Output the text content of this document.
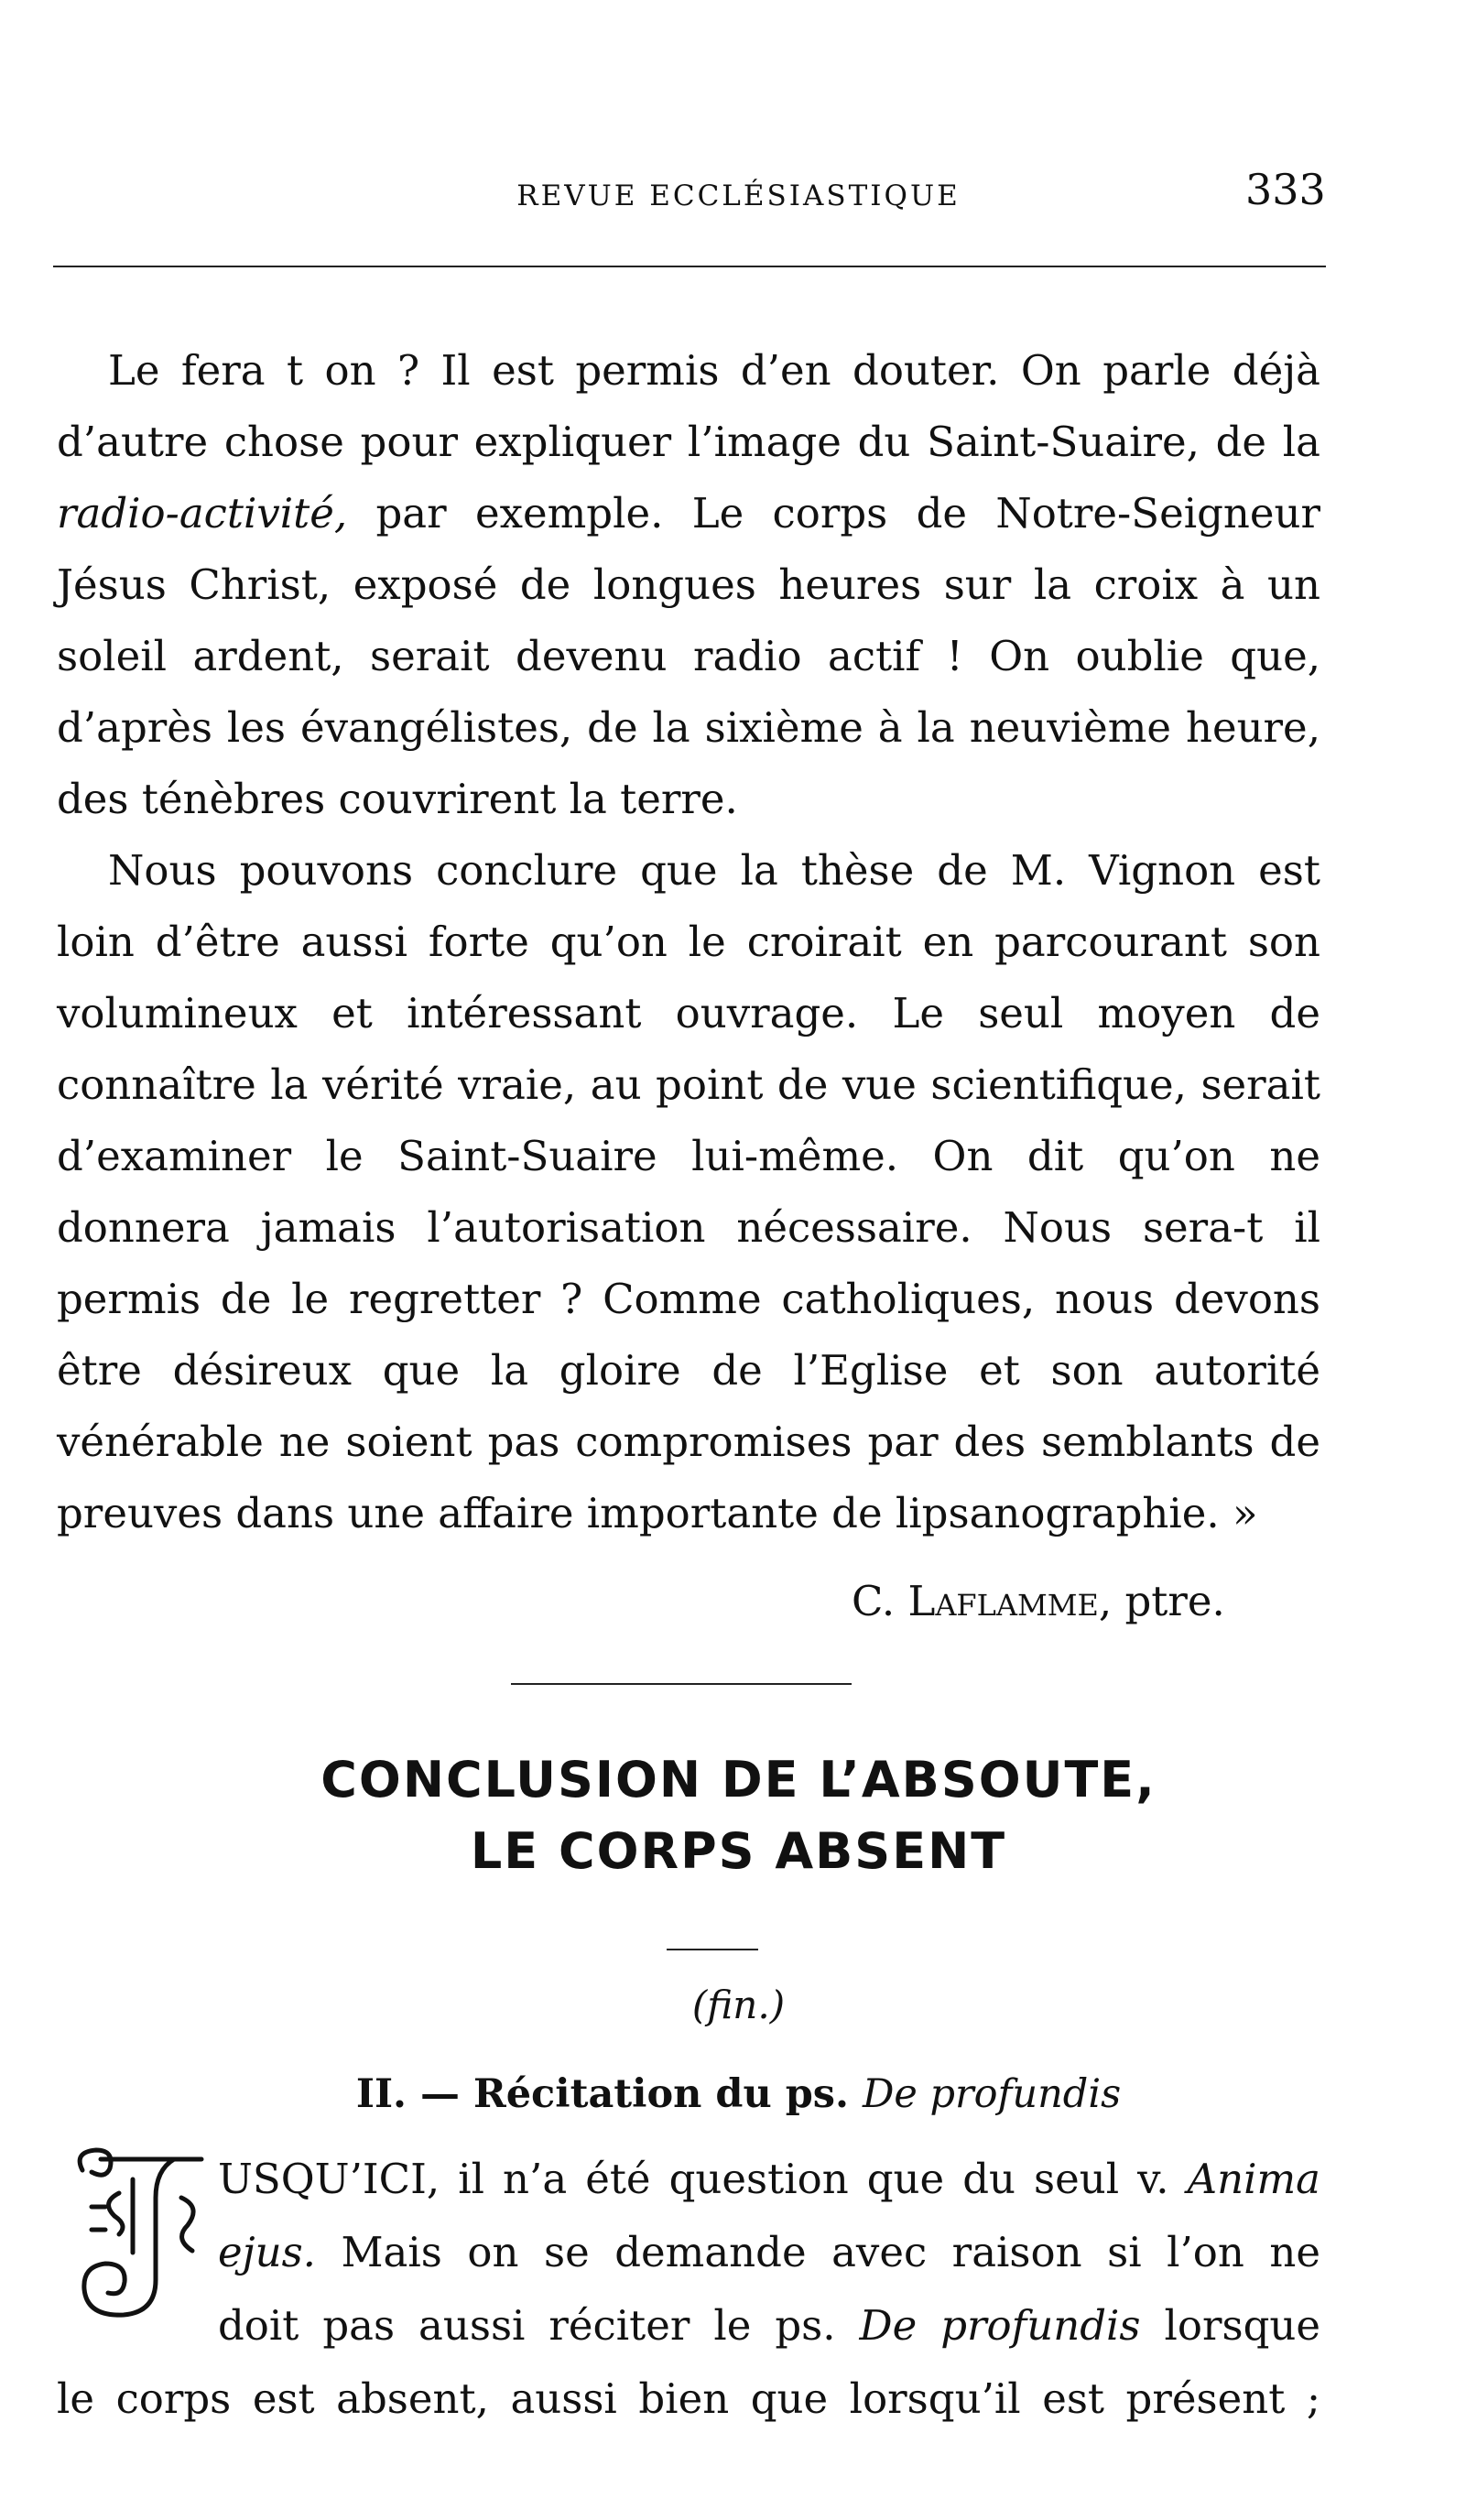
REVUE ECCLÉSIASTIQUE	333

Le fera t on ? Il est permis d’en douter. On parle déjà d’autre chose pour expliquer l’image du Saint-Suaire, de la radio-activité, par exemple. Le corps de Notre-Seigneur Jésus Christ, exposé de longues heures sur la croix à un soleil ardent, serait devenu radio actif ! On oublie que, d’après les évangélistes, de la sixième à la neuvième heure, des ténèbres couvrirent la terre.

Nous pouvons conclure que la thèse de M. Vignon est loin d’être aussi forte qu’on le croirait en parcourant son volumineux et intéressant ouvrage. Le seul moyen de connaître la vérité vraie, au point de vue scientifique, serait d’examiner le Saint-Suaire lui-même. On dit qu’on ne donnera jamais l’autorisation nécessaire. Nous sera-t il permis de le regretter ? Comme catholiques, nous devons être désireux que la gloire de l’Eglise et son autorité vénérable ne soient pas compromises par des semblants de preuves dans une affaire importante de lipsanographie. »

C. Laflamme, ptre.
CONCLUSION DE L’ABSOUTE,
LE CORPS ABSENT
(fin.)
II. — Récitation du ps. De profundis

USQU’ICI, il n’a été question que du seul v. Anima

ejus. Mais on se demande avec raison si l’on ne

doit pas aussi réciter le ps. De profundis lorsque

le corps est absent, aussi bien que lorsqu’il est présent ;
